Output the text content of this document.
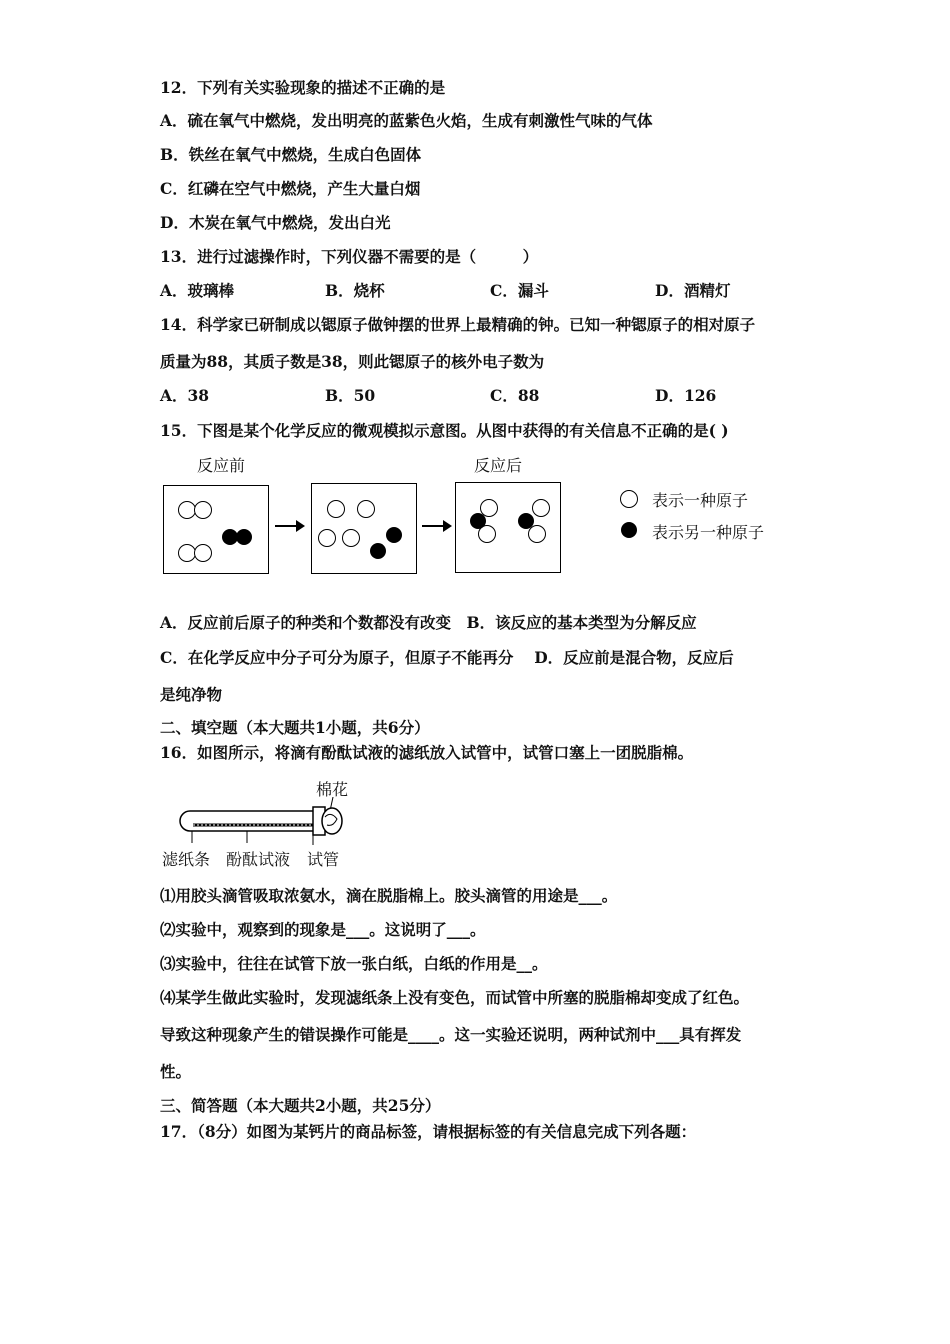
12．下列有关实验现象的描述不正确的是
A．硫在氧气中燃烧，发出明亮的蓝紫色火焰，生成有刺激性气味的气体
B．铁丝在氧气中燃烧，生成白色固体
C．红磷在空气中燃烧，产生大量白烟
D．木炭在氧气中燃烧，发出白光
13．进行过滤操作时，下列仪器不需要的是（　　　）
A．玻璃棒	B．烧杯	C．漏斗	D．酒精灯
14．科学家已研制成以锶原子做钟摆的世界上最精确的钟。已知一种锶原子的相对原子
质量为88，其质子数是38，则此锶原子的核外电子数为
A．38	B．50	C．88	D．126
15．下图是某个化学反应的微观模拟示意图。从图中获得的有关信息不正确的是( )
反应前	反应后
表示一种原子
表示另一种原子
A．反应前后原子的种类和个数都没有改变　B．该反应的基本类型为分解反应
C．在化学反应中分子可分为原子，但原子不能再分　 D．反应前是混合物，反应后
是纯净物
二、填空题（本大题共1小题，共6分）
16．如图所示，将滴有酚酞试液的滤纸放入试管中，试管口塞上一团脱脂棉。
棉花
滤纸条 酚酞试液 试管
⑴用胶头滴管吸取浓氨水，滴在脱脂棉上。胶头滴管的用途是___。
⑵实验中，观察到的现象是___。这说明了___。
⑶实验中，往往在试管下放一张白纸，白纸的作用是__。
⑷某学生做此实验时，发现滤纸条上没有变色，而试管中所塞的脱脂棉却变成了红色。
导致这种现象产生的错误操作可能是____。这一实验还说明，两种试剂中___具有挥发
性。
三、简答题（本大题共2小题，共25分）
17．（8分）如图为某钙片的商品标签，请根据标签的有关信息完成下列各题：
